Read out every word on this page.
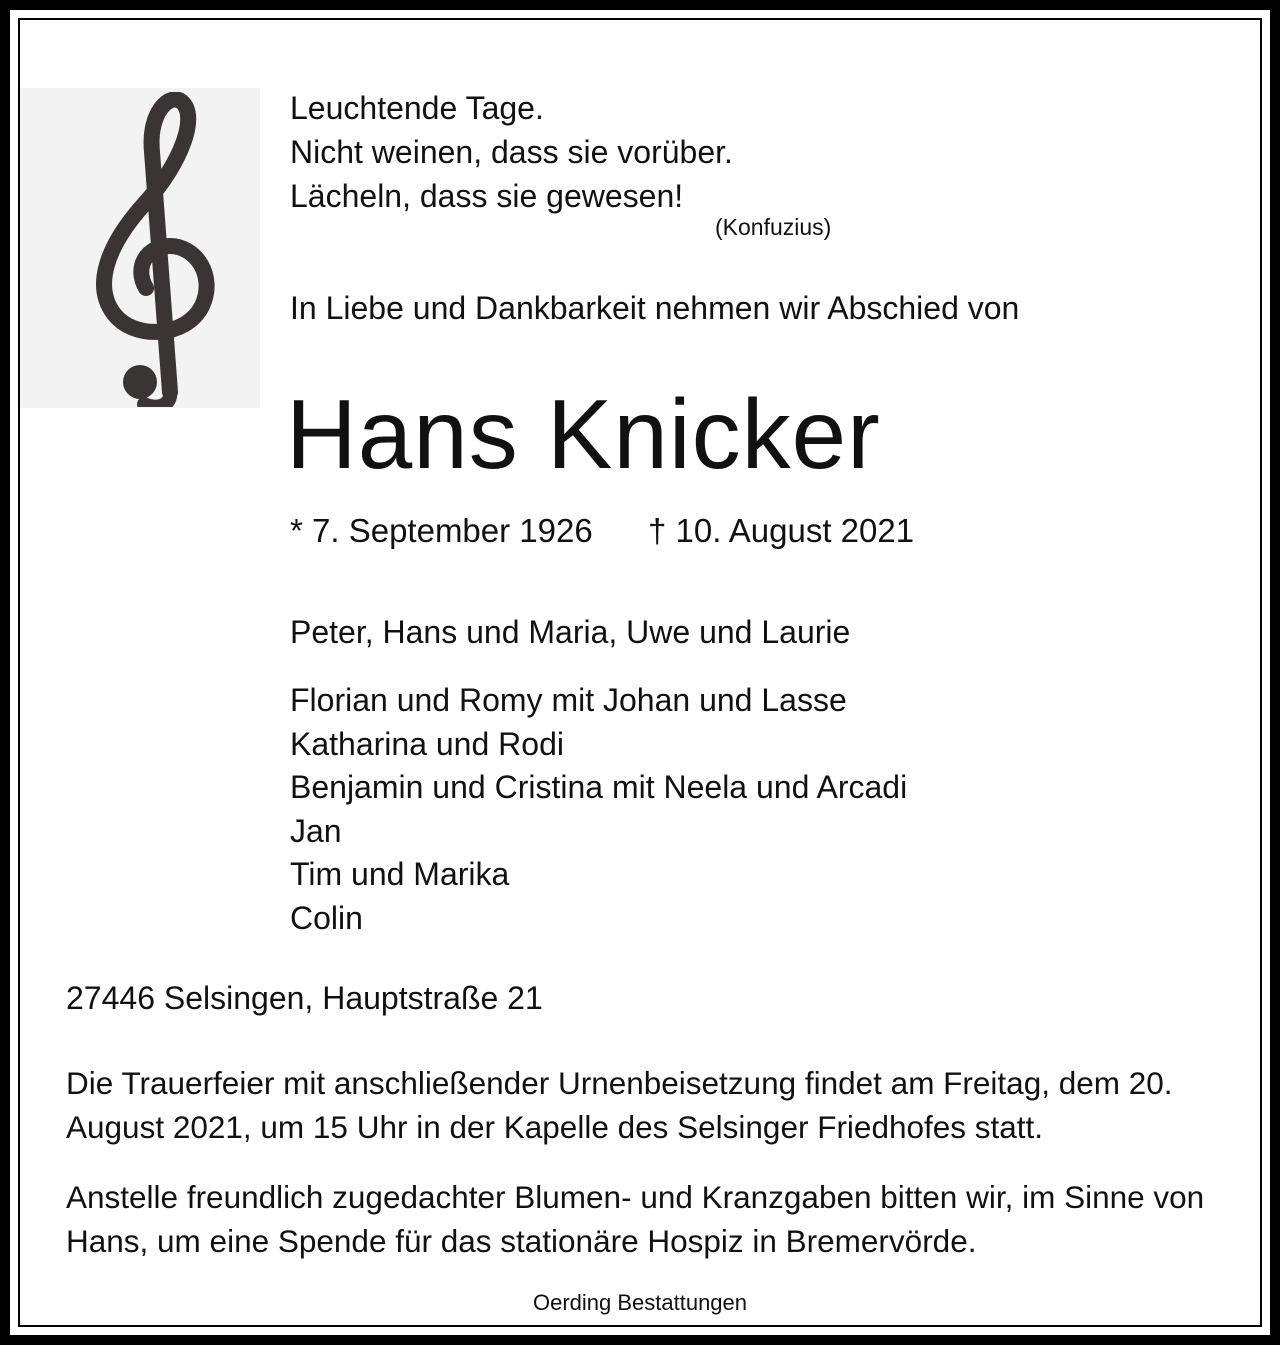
Leuchtende Tage.
Nicht weinen, dass sie vorüber.
Lächeln, dass sie gewesen!
(Konfuzius)
In Liebe und Dankbarkeit nehmen wir Abschied von
Hans Knicker
* 7. September 1926 † 10. August 2021
Peter, Hans und Maria, Uwe und Laurie
Florian und Romy mit Johan und Lasse
Katharina und Rodi
Benjamin und Cristina mit Neela und Arcadi
Jan
Tim und Marika
Colin
27446 Selsingen, Hauptstraße 21
Die Trauerfeier mit anschließender Urnenbeisetzung findet am Freitag, dem 20. August 2021, um 15 Uhr in der Kapelle des Selsinger Friedhofes statt.
Anstelle freundlich zugedachter Blumen- und Kranzgaben bitten wir, im Sinne von Hans, um eine Spende für das stationäre Hospiz in Bremervörde.
Oerding Bestattungen
